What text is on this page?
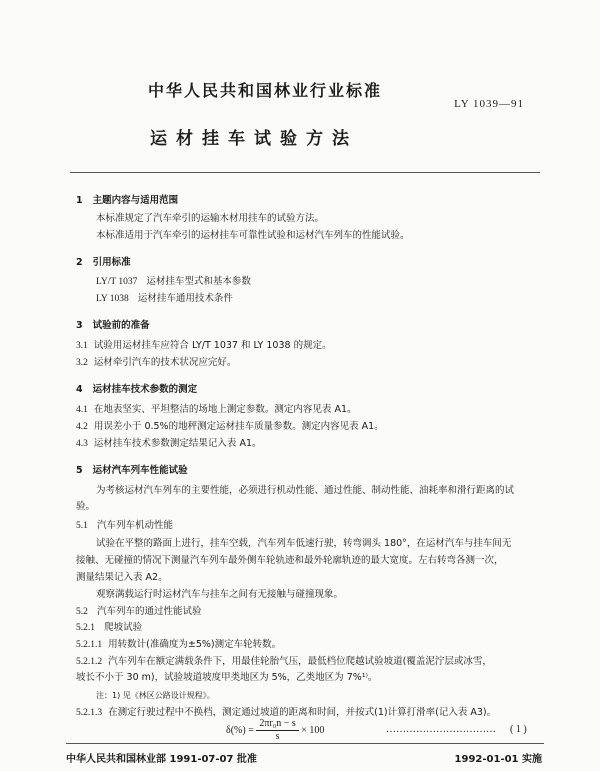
中华人民共和国林业行业标准
LY 1039—91
运材挂车试验方法
1 主题内容与适用范围
本标准规定了汽车牵引的运输木材用挂车的试验方法。
本标准适用于汽车牵引的运材挂车可靠性试验和运材汽车列车的性能试验。
2 引用标准
LY/T 1037 运材挂车型式和基本参数
LY 1038 运材挂车通用技术条件
3 试验前的准备
3.1 试验用运材挂车应符合 LY/T 1037 和 LY 1038 的规定。
3.2 运材牵引汽车的技术状况应完好。
4 运材挂车技术参数的测定
4.1 在地表坚实、平坦整洁的场地上测定参数。测定内容见表 A1。
4.2 用误差小于 0.5%的地秤测定运材挂车质量参数。测定内容见表 A1。
4.3 运材挂车技术参数测定结果记入表 A1。
5 运材汽车列车性能试验
为考核运材汽车列车的主要性能，必须进行机动性能、通过性能、制动性能、油耗率和滑行距离的试
验。
5.1 汽车列车机动性能
试验在平整的路面上进行，挂车空载，汽车列车低速行驶，转弯调头 180°，在运材汽车与挂车间无
接触、无碰撞的情况下测量汽车列车最外侧车轮轨迹和最外轮廓轨迹的最大宽度。左右转弯各测一次，
测量结果记入表 A2。
观察满载运行时运材汽车与挂车之间有无接触与碰撞现象。
5.2 汽车列车的通过性能试验
5.2.1 爬坡试验
5.2.1.1 用转数计(准确度为±5%)测定车轮转数。
5.2.1.2 汽车列车在额定满载条件下，用最佳轮胎气压，最低档位爬越试验坡道(覆盖泥泞层或冰雪，
坡长不小于 30 m)，试验坡道坡度甲类地区为 5%，乙类地区为 7%¹⁾。
注：1) 见《林区公路设计规程》。
5.2.1.3 在测定行驶过程中不换档，测定通过坡道的距离和时间，并按式(1)计算打滑率(记入表 A3)。
δ(%) =
$\frac{\text{2πr₀n − s}}{s}$
× 100	…………………………… ( 1 )
中华人民共和国林业部 1991-07-07 批准	1992-01-01 实施
